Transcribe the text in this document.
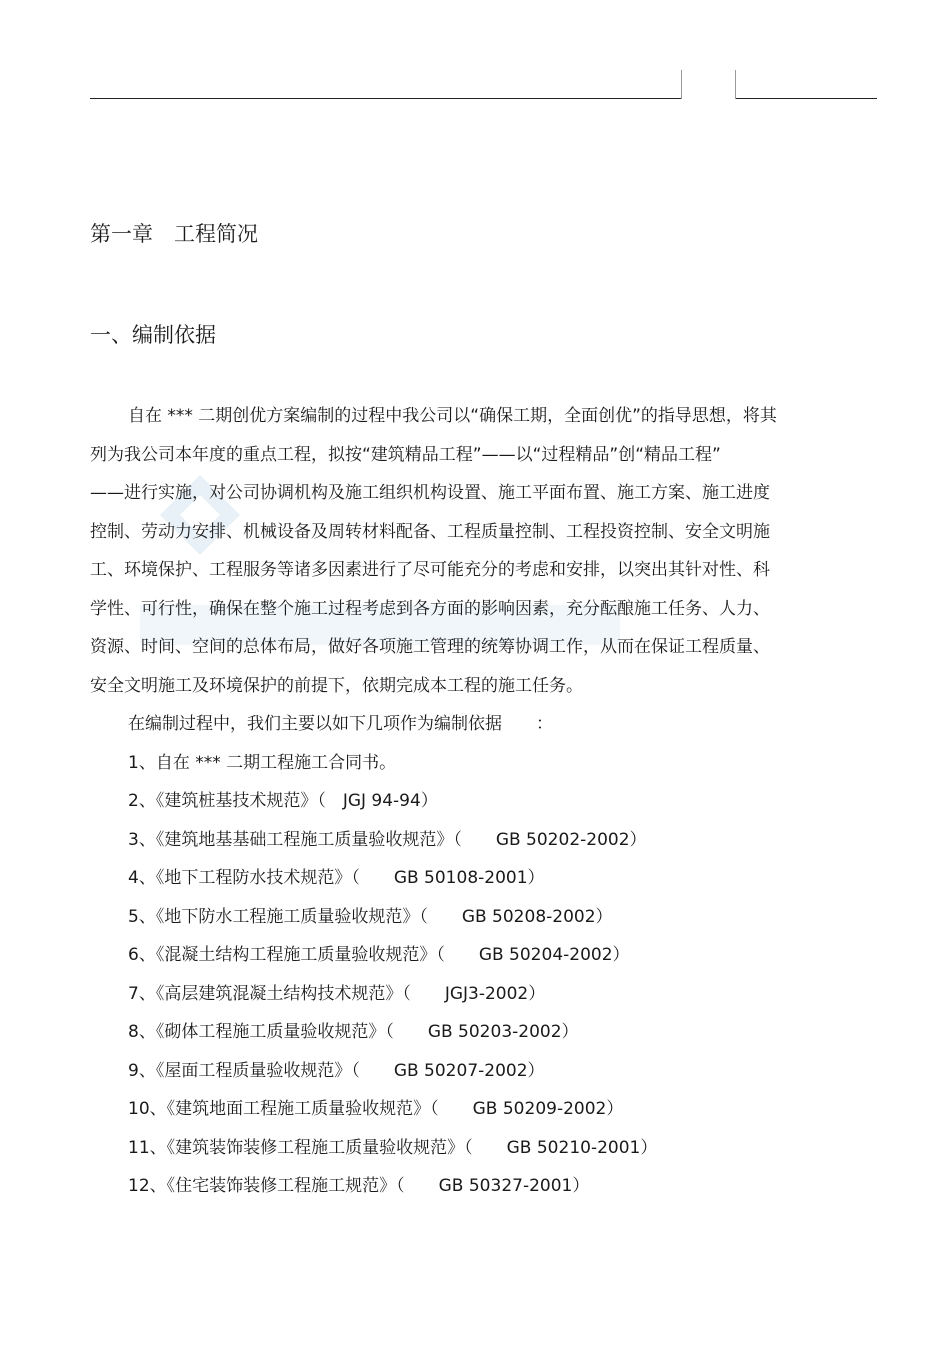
第一章　工程简况
一、编制依据
自在 *** 二期创优方案编制的过程中我公司以“确保工期，全面创优”的指导思想，将其
列为我公司本年度的重点工程，拟按“建筑精品工程”——以“过程精品”创“精品工程”
——进行实施，对公司协调机构及施工组织机构设置、施工平面布置、施工方案、施工进度
控制、劳动力安排、机械设备及周转材料配备、工程质量控制、工程投资控制、安全文明施
工、环境保护、工程服务等诸多因素进行了尽可能充分的考虑和安排，以突出其针对性、科
学性、可行性，确保在整个施工过程考虑到各方面的影响因素，充分酝酿施工任务、人力、
资源、时间、空间的总体布局，做好各项施工管理的统筹协调工作，从而在保证工程质量、
安全文明施工及环境保护的前提下，依期完成本工程的施工任务。
在编制过程中，我们主要以如下几项作为编制依据　　：
1、自在 *** 二期工程施工合同书。
2、《建筑桩基技术规范》（　JGJ 94-94）
3、《建筑地基基础工程施工质量验收规范》（　　GB 50202-2002）
4、《地下工程防水技术规范》（　　GB 50108-2001）
5、《地下防水工程施工质量验收规范》（　　GB 50208-2002）
6、《混凝土结构工程施工质量验收规范》（　　GB 50204-2002）
7、《高层建筑混凝土结构技术规范》（　　JGJ3-2002）
8、《砌体工程施工质量验收规范》（　　GB 50203-2002）
9、《屋面工程质量验收规范》（　　GB 50207-2002）
10、《建筑地面工程施工质量验收规范》（　　GB 50209-2002）
11、《建筑装饰装修工程施工质量验收规范》（　　GB 50210-2001）
12、《住宅装饰装修工程施工规范》（　　GB 50327-2001）
